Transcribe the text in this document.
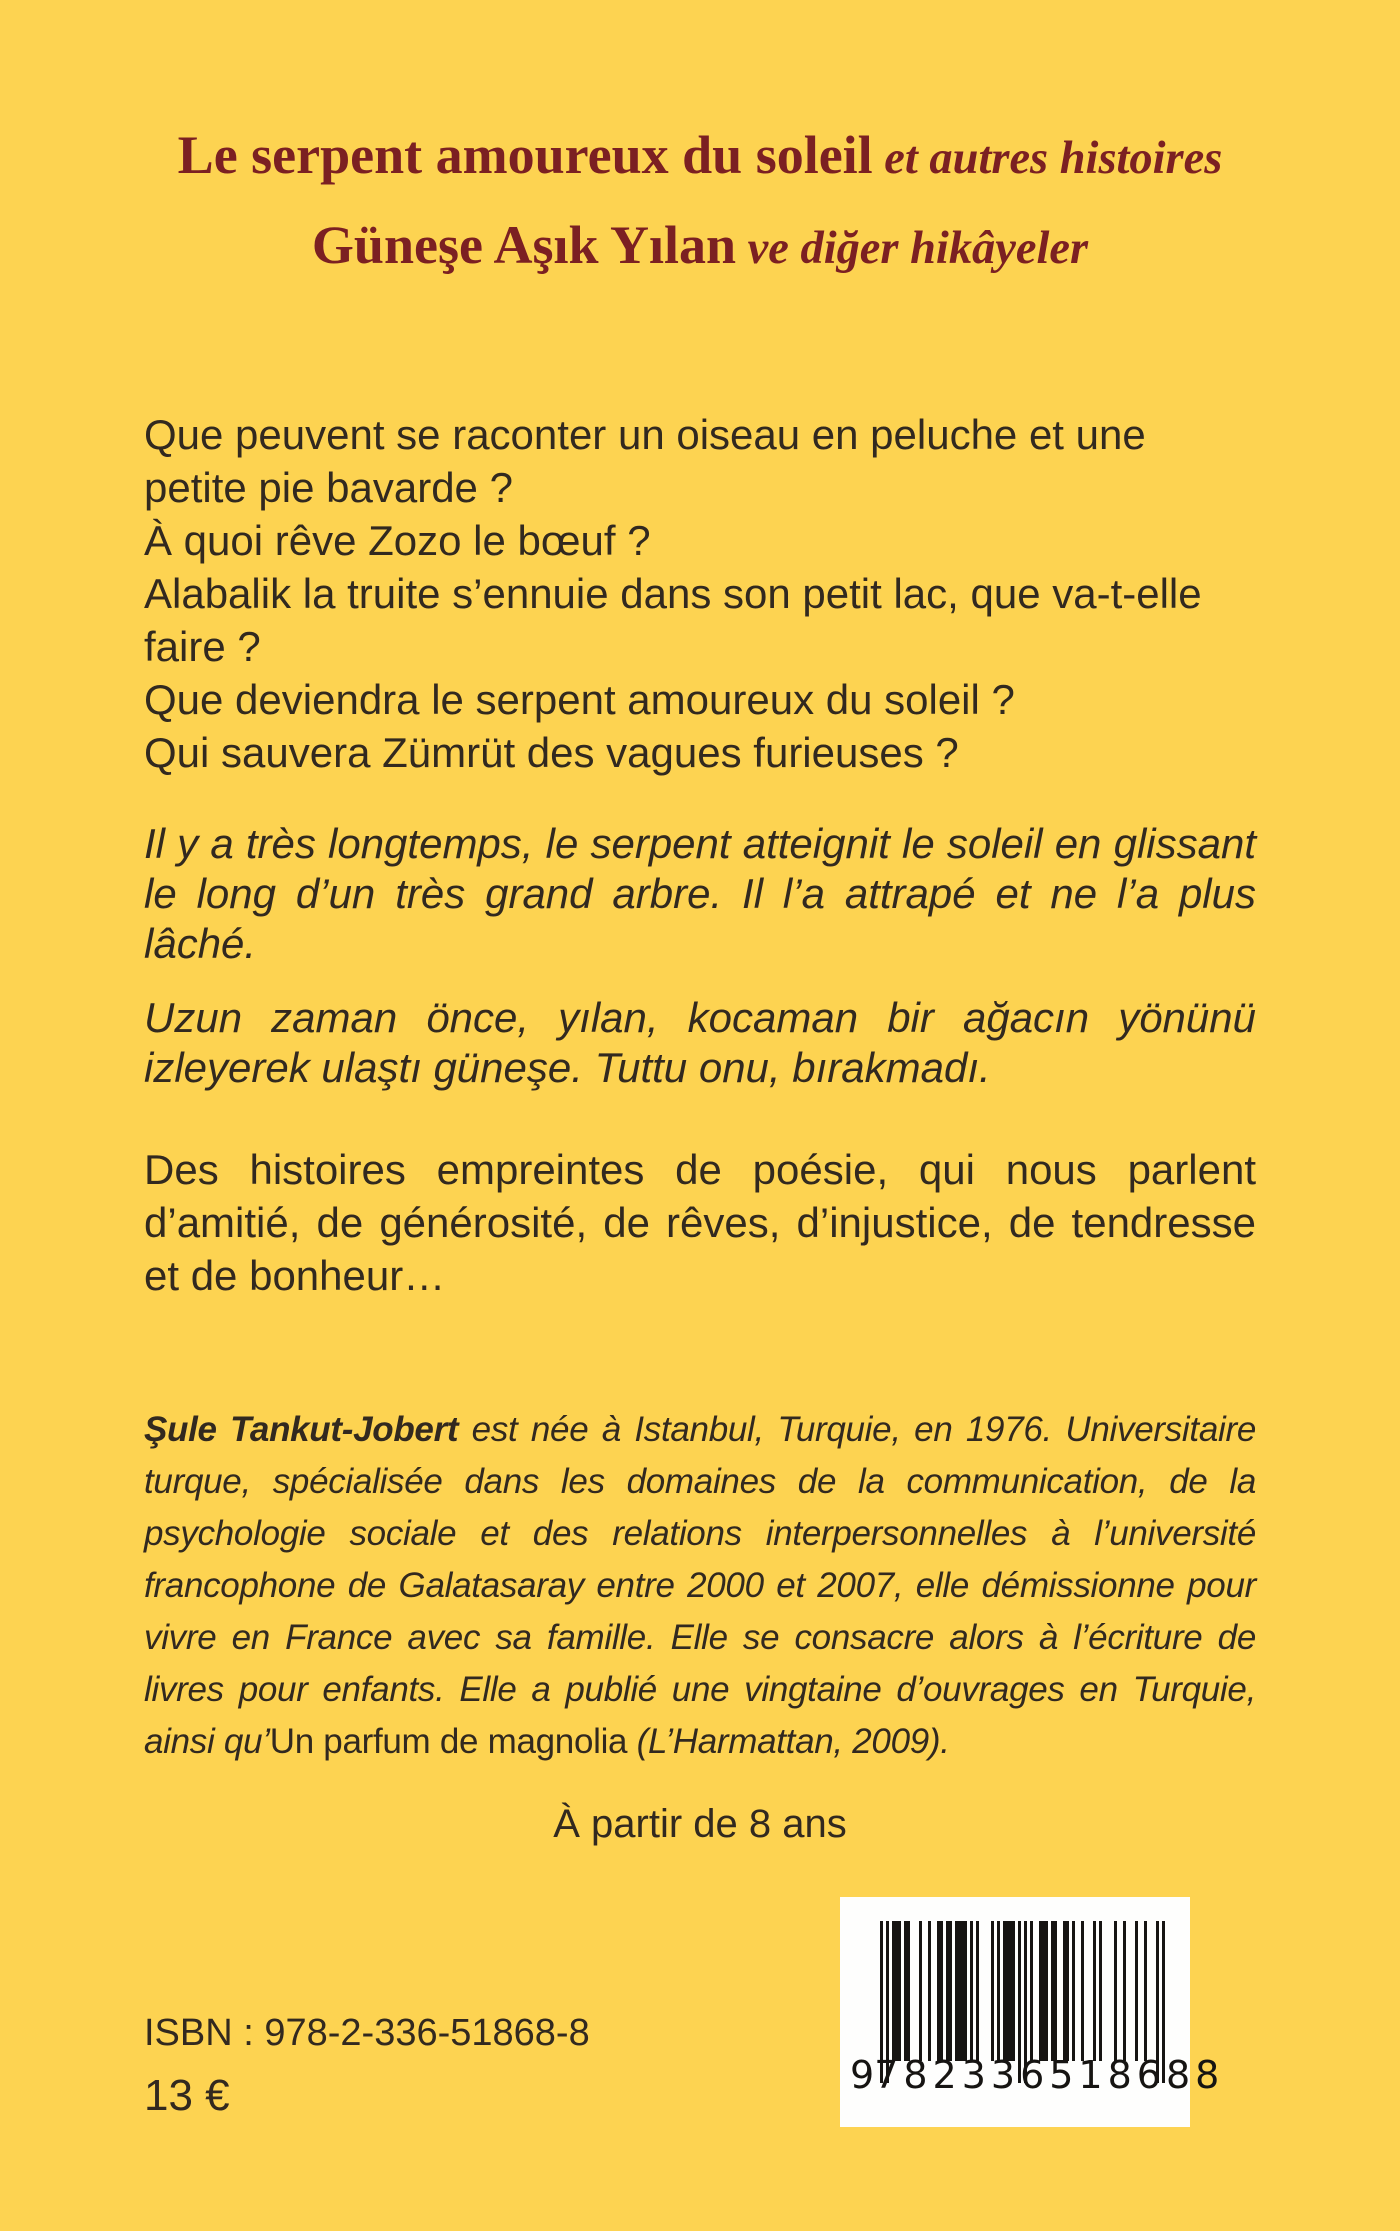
Le serpent amoureux du soleil et autres histoires
Güneşe Aşık Yılan ve diğer hikâyeler
Que peuvent se raconter un oiseau en peluche et une petite pie bavarde ?
À quoi rêve Zozo le bœuf ?
Alabalik la truite s’ennuie dans son petit lac, que va-t-elle faire ?
Que deviendra le serpent amoureux du soleil ?
Qui sauvera Zümrüt des vagues furieuses ?
Il y a très longtemps, le serpent atteignit le soleil en glissant le long d’un très grand arbre. Il l’a attrapé et ne l’a plus lâché.
Uzun zaman önce, yılan, kocaman bir ağacın yönünü izleyerek ulaştı güneşe. Tuttu onu, bırakmadı.
Des histoires empreintes de poésie, qui nous parlent d’amitié, de générosité, de rêves, d’injustice, de tendresse et de bonheur…
Şule Tankut-Jobert est née à Istanbul, Turquie, en 1976. Universitaire turque, spécialisée dans les domaines de la communication, de la psychologie sociale et des relations interpersonnelles à l’université francophone de Galatasaray entre 2000 et 2007, elle démissionne pour vivre en France avec sa famille. Elle se consacre alors à l’écriture de livres pour enfants. Elle a publié une vingtaine d’ouvrages en Turquie, ainsi qu’Un parfum de magnolia (L’Harmattan, 2009).
À partir de 8 ans
ISBN : 978-2-336-51868-8
13 €	9 782336 518688
